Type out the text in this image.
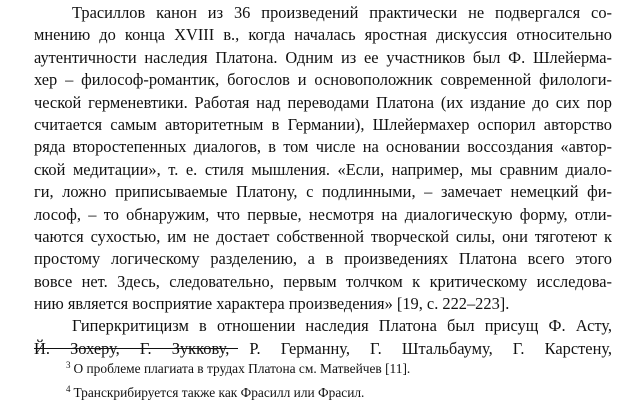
Трасиллов канон из 36 произведений практически не подвергался со-
мнению до конца XVIII в., когда началась яростная дискуссия относительно
аутентичности наследия Платона. Одним из ее участников был Ф. Шлейерма-
хер – философ-романтик, богослов и основоположник современной филологи-
ческой герменевтики. Работая над переводами Платона (их издание до сих пор
считается самым авторитетным в Германии), Шлейермахер оспорил авторство
ряда второстепенных диалогов, в том числе на основании воссоздания «автор-
ской медитации», т. е. стиля мышления. «Если, например, мы сравним диало-
ги, ложно приписываемые Платону, с подлинными, – замечает немецкий фи-
лософ, – то обнаружим, что первые, несмотря на диалогическую форму, отли-
чаются сухостью, им не достает собственной творческой силы, они тяготеют к
простому логическому разделению, а в произведениях Платона всего этого
вовсе нет. Здесь, следовательно, первым толчком к критическому исследова-
нию является восприятие характера произведения» [19, с. 222–223].
Гиперкритицизм в отношении наследия Платона был присущ Ф. Асту,
Й. Зохеру, Г. Зуккову, Р. Германну, Г. Штальбауму, Г. Карстену,
$^3$ О проблеме плагиата в трудах Платона см. Матвейчев [11].
$^4$ Транскрибируется также как Фрасилл или Фрасил.
